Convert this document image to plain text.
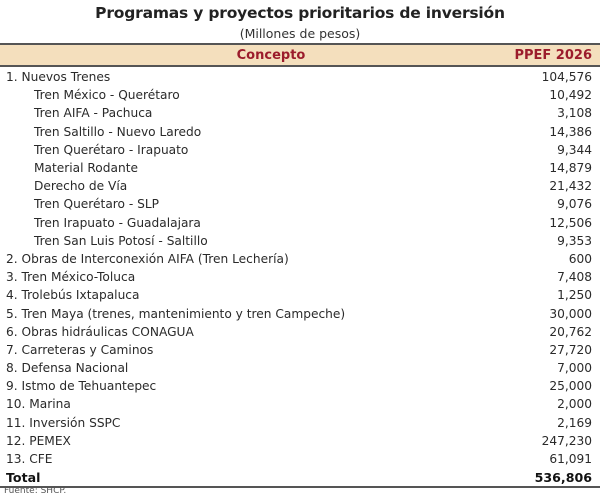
Programas y proyectos prioritarios de inversión
(Millones de pesos)
Concepto	PPEF 2026
1. Nuevos Trenes	104,576
Tren México - Querétaro	10,492
Tren AIFA - Pachuca	3,108
Tren Saltillo - Nuevo Laredo	14,386
Tren Querétaro - Irapuato	9,344
Material Rodante	14,879
Derecho de Vía	21,432
Tren Querétaro - SLP	9,076
Tren Irapuato - Guadalajara	12,506
Tren San Luis Potosí - Saltillo	9,353
2. Obras de Interconexión AIFA (Tren Lechería)	600
3. Tren México-Toluca	7,408
4. Trolebús Ixtapaluca	1,250
5. Tren Maya (trenes, mantenimiento y tren Campeche)	30,000
6. Obras hidráulicas CONAGUA	20,762
7. Carreteras y Caminos	27,720
8. Defensa Nacional	7,000
9. Istmo de Tehuantepec	25,000
10. Marina	2,000
11. Inversión SSPC	2,169
12. PEMEX	247,230
13. CFE	61,091
Total	536,806
Fuente: SHCP.
